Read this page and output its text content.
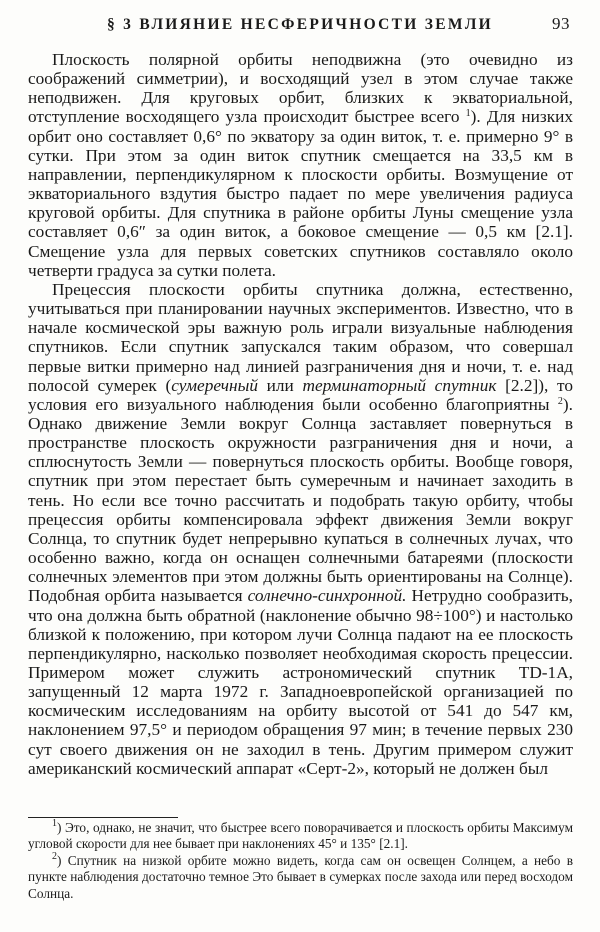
§ 3 ВЛИЯНИЕ НЕСФЕРИЧНОСТИ ЗЕМЛИ	93

Плоскость полярной орбиты неподвижна (это очевидно из соображений симметрии), и восходящий узел в этом случае также неподвижен. Для круговых орбит, близких к экваториальной, отступление восходящего узла происходит быстрее всего $^1$). Для низких орбит оно составляет 0,6° по экватору за один виток, т. е. примерно 9° в сутки. При этом за один виток спутник смещается на 33,5 км в направлении, перпендикулярном к плоскости орбиты. Возмущение от экваториального вздутия быстро падает по мере увеличения радиуса круговой орбиты. Для спутника в районе орбиты Луны смещение узла составляет 0,6″ за один виток, а боковое смещение — 0,5 км [2.1]. Смещение узла для первых советских спутников составляло около четверти градуса за сутки полета.

Прецессия плоскости орбиты спутника должна, естественно, учитываться при планировании научных экспериментов. Известно, что в начале космической эры важную роль играли визуальные наблюдения спутников. Если спутник запускался таким образом, что совершал первые витки примерно над линией разграничения дня и ночи, т. е. над полосой сумерек (сумеречный или терминаторный спутник [2.2]), то условия его визуального наблюдения были особенно благоприятны $^2$). Однако движение Земли вокруг Солнца заставляет повернуться в пространстве плоскость окружности разграничения дня и ночи, а сплюснутость Земли — повернуться плоскость орбиты. Вообще говоря, спутник при этом перестает быть сумеречным и начинает заходить в тень. Но если все точно рассчитать и подобрать такую орбиту, чтобы прецессия орбиты компенсировала эффект движения Земли вокруг Солнца, то спутник будет непрерывно купаться в солнечных лучах, что особенно важно, когда он оснащен солнечными батареями (плоскости солнечных элементов при этом должны быть ориентированы на Солнце). Подобная орбита называется солнечно-синхронной. Нетрудно сообразить, что она должна быть обратной (наклонение обычно 98÷100°) и настолько близкой к положению, при котором лучи Солнца падают на ее плоскость перпендикулярно, насколько позволяет необходимая скорость прецессии. Примером может служить астрономический спутник TD-1A, запущенный 12 марта 1972 г. Западноевропейской организацией по космическим исследованиям на орбиту высотой от 541 до 547 км, наклонением 97,5° и периодом обращения 97 мин; в течение первых 230 сут своего движения он не заходил в тень. Другим примером служит американский космический аппарат «Серт-2», который не должен был

$^1$) Это, однако, не значит, что быстрее всего поворачивается и плоскость орбиты Максимум угловой скорости для нее бывает при наклонениях 45° и 135° [2.1].

$^2$) Спутник на низкой орбите можно видеть, когда сам он освещен Солнцем, а небо в пункте наблюдения достаточно темное Это бывает в сумерках после захода или перед восходом Солнца.
